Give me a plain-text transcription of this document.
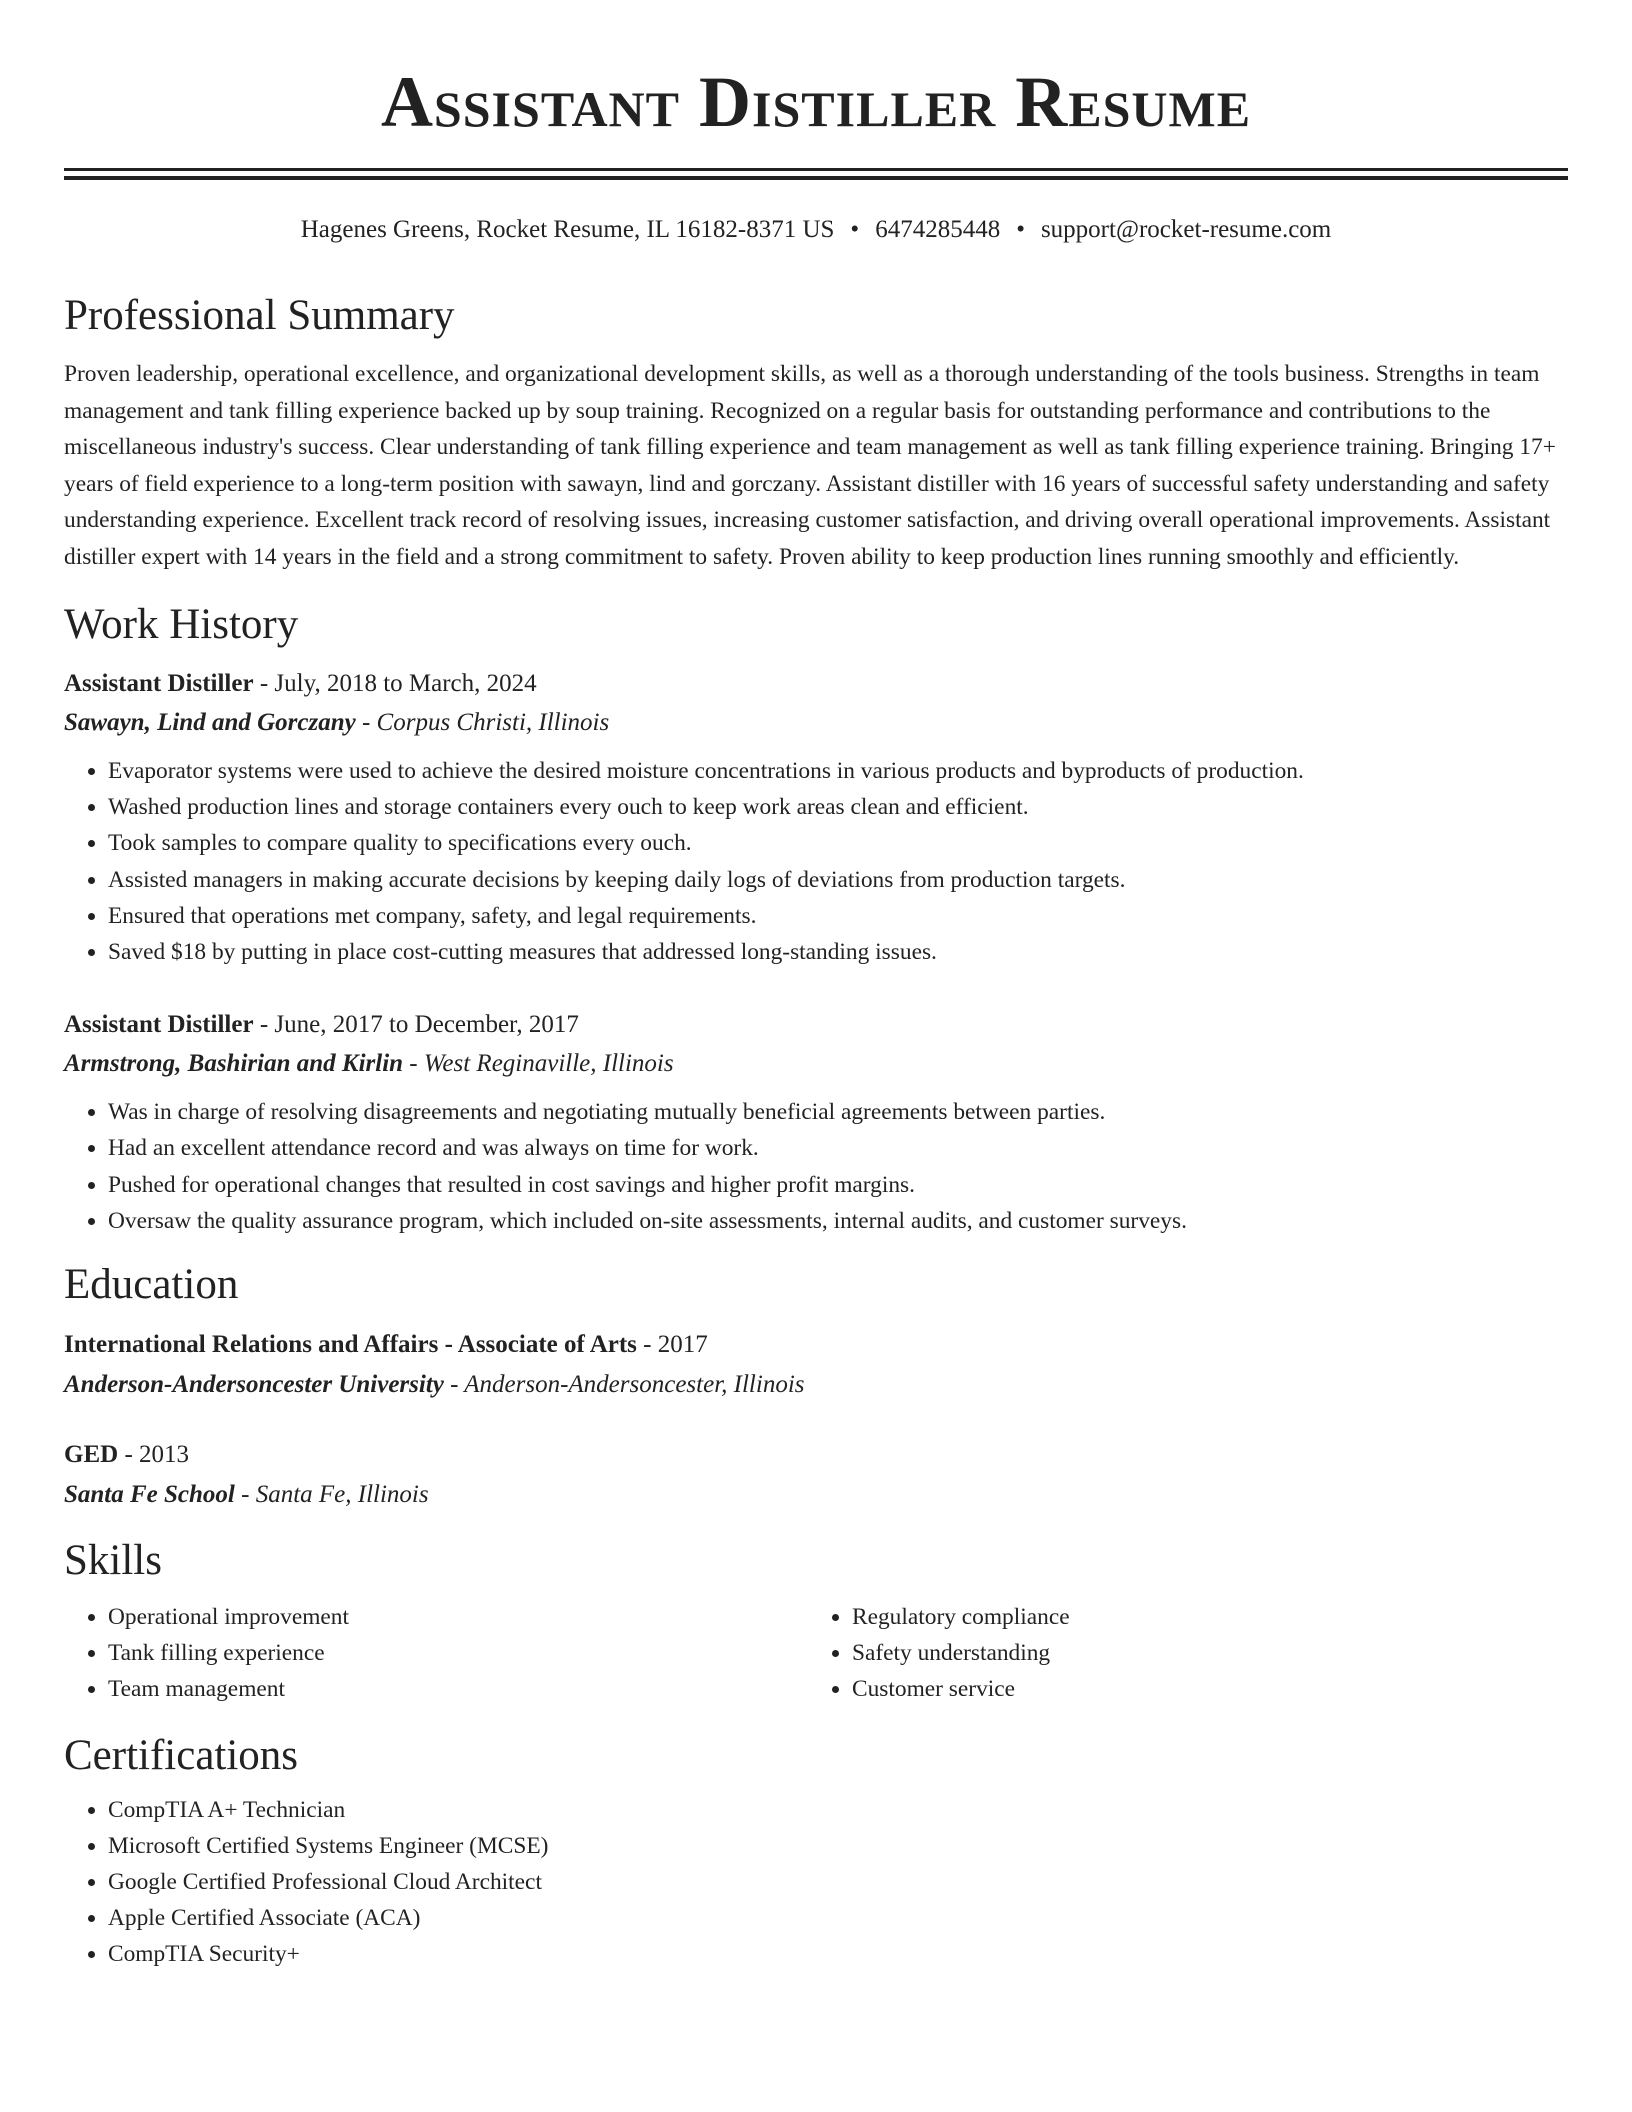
Assistant Distiller Resume
Hagenes Greens, Rocket Resume, IL 16182-8371 US • 6474285448 • support@rocket-resume.com
Professional Summary
Proven leadership, operational excellence, and organizational development skills, as well as a thorough understanding of the tools business. Strengths in team management and tank filling experience backed up by soup training. Recognized on a regular basis for outstanding performance and contributions to the miscellaneous industry's success. Clear understanding of tank filling experience and team management as well as tank filling experience training. Bringing 17+ years of field experience to a long-term position with sawayn, lind and gorczany. Assistant distiller with 16 years of successful safety understanding and safety understanding experience. Excellent track record of resolving issues, increasing customer satisfaction, and driving overall operational improvements. Assistant distiller expert with 14 years in the field and a strong commitment to safety. Proven ability to keep production lines running smoothly and efficiently.
Work History
Assistant Distiller - July, 2018 to March, 2024
Sawayn, Lind and Gorczany - Corpus Christi, Illinois
• Evaporator systems were used to achieve the desired moisture concentrations in various products and byproducts of production.
• Washed production lines and storage containers every ouch to keep work areas clean and efficient.
• Took samples to compare quality to specifications every ouch.
• Assisted managers in making accurate decisions by keeping daily logs of deviations from production targets.
• Ensured that operations met company, safety, and legal requirements.
• Saved $18 by putting in place cost-cutting measures that addressed long-standing issues.
Assistant Distiller - June, 2017 to December, 2017
Armstrong, Bashirian and Kirlin - West Reginaville, Illinois
• Was in charge of resolving disagreements and negotiating mutually beneficial agreements between parties.
• Had an excellent attendance record and was always on time for work.
• Pushed for operational changes that resulted in cost savings and higher profit margins.
• Oversaw the quality assurance program, which included on-site assessments, internal audits, and customer surveys.
Education
International Relations and Affairs - Associate of Arts - 2017
Anderson-Andersoncester University - Anderson-Andersoncester, Illinois
GED - 2013
Santa Fe School - Santa Fe, Illinois
Skills
• Operational improvement
• Tank filling experience
• Team management
• Regulatory compliance
• Safety understanding
• Customer service
Certifications
• CompTIA A+ Technician
• Microsoft Certified Systems Engineer (MCSE)
• Google Certified Professional Cloud Architect
• Apple Certified Associate (ACA)
• CompTIA Security+
